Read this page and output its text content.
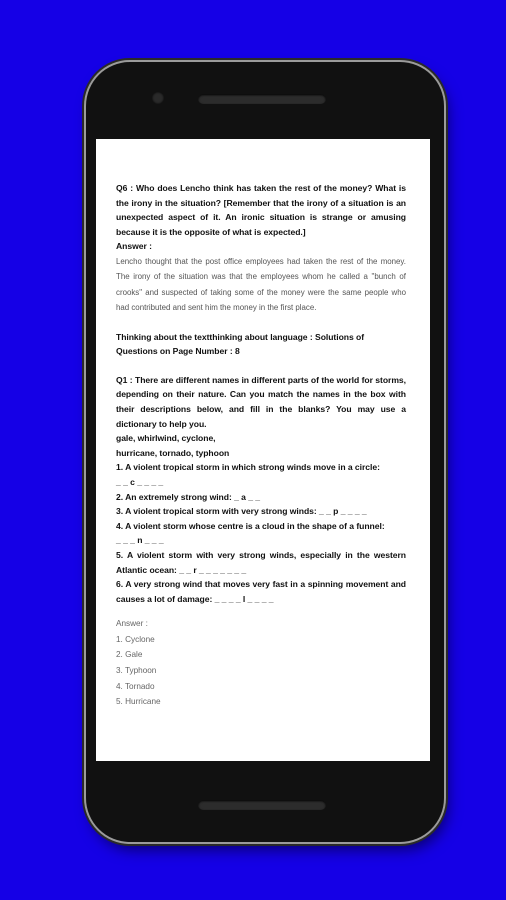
Q6 : Who does Lencho think has taken the rest of the money? What is the irony in the situation? [Remember that the irony of a situation is an unexpected aspect of it. An ironic situation is strange or amusing because it is the opposite of what is expected.]

Answer :

Lencho thought that the post office employees had taken the rest of the money. The irony of the situation was that the employees whom he called a "bunch of crooks" and suspected of taking some of the money were the same people who had contributed and sent him the money in the first place.

Thinking about the textthinking about language : Solutions of Questions on Page Number : 8

Q1 : There are different names in different parts of the world for storms, depending on their nature. Can you match the names in the box with their descriptions below, and fill in the blanks? You may use a dictionary to help you.

gale, whirlwind, cyclone,

hurricane, tornado, typhoon

1. A violent tropical storm in which strong winds move in a circle:

_ _ c _ _ _ _

2. An extremely strong wind: _ a _ _

3. A violent tropical storm with very strong winds: _ _ p _ _ _ _

4. A violent storm whose centre is a cloud in the shape of a funnel:

_ _ _ n _ _ _

5. A violent storm with very strong winds, especially in the western Atlantic ocean: _ _ r _ _ _ _ _ _ _

6. A very strong wind that moves very fast in a spinning movement and causes a lot of damage: _ _ _ _ l _ _ _ _

Answer :

1. Cyclone

2. Gale

3. Typhoon

4. Tornado

5. Hurricane
